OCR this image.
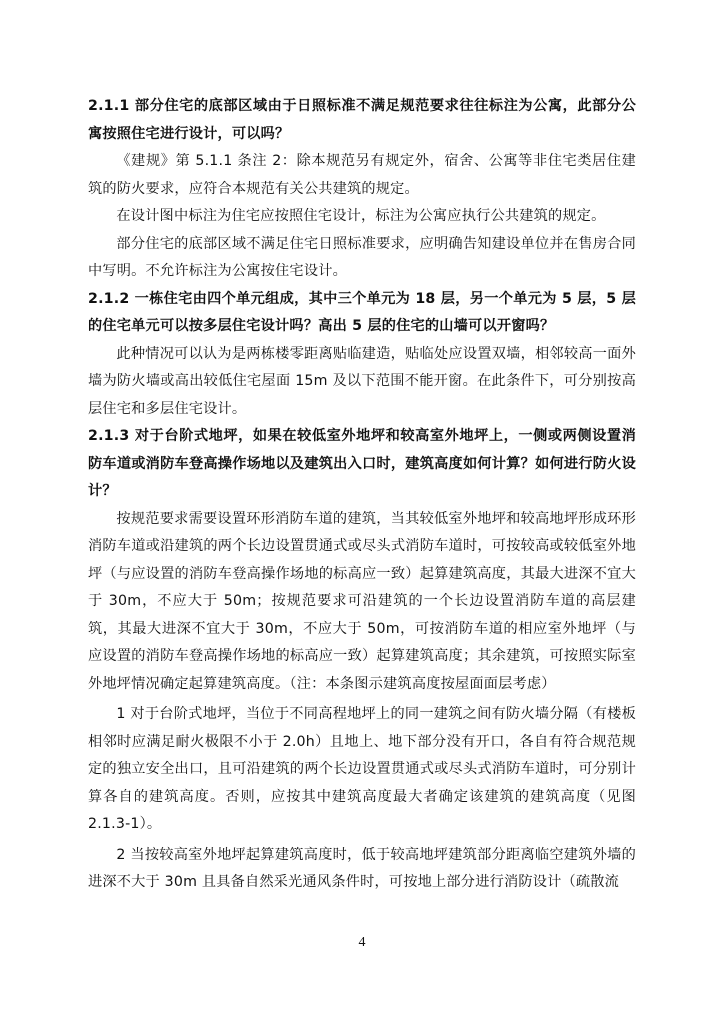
2.1.1 部分住宅的底部区域由于日照标准不满足规范要求往往标注为公寓，此部分公寓按照住宅进行设计，可以吗？

《建规》第 5.1.1 条注 2：除本规范另有规定外，宿舍、公寓等非住宅类居住建筑的防火要求，应符合本规范有关公共建筑的规定。

在设计图中标注为住宅应按照住宅设计，标注为公寓应执行公共建筑的规定。

部分住宅的底部区域不满足住宅日照标准要求，应明确告知建设单位并在售房合同中写明。不允许标注为公寓按住宅设计。

2.1.2 一栋住宅由四个单元组成，其中三个单元为 18 层，另一个单元为 5 层，5 层的住宅单元可以按多层住宅设计吗？高出 5 层的住宅的山墙可以开窗吗？

此种情况可以认为是两栋楼零距离贴临建造，贴临处应设置双墙，相邻较高一面外墙为防火墙或高出较低住宅屋面 15m 及以下范围不能开窗。在此条件下，可分别按高层住宅和多层住宅设计。

2.1.3 对于台阶式地坪，如果在较低室外地坪和较高室外地坪上，一侧或两侧设置消防车道或消防车登高操作场地以及建筑出入口时，建筑高度如何计算？如何进行防火设计？

按规范要求需要设置环形消防车道的建筑，当其较低室外地坪和较高地坪形成环形消防车道或沿建筑的两个长边设置贯通式或尽头式消防车道时，可按较高或较低室外地坪（与应设置的消防车登高操作场地的标高应一致）起算建筑高度，其最大进深不宜大于 30m，不应大于 50m；按规范要求可沿建筑的一个长边设置消防车道的高层建筑，其最大进深不宜大于 30m，不应大于 50m，可按消防车道的相应室外地坪（与应设置的消防车登高操作场地的标高应一致）起算建筑高度；其余建筑，可按照实际室外地坪情况确定起算建筑高度。（注：本条图示建筑高度按屋面面层考虑）

1 对于台阶式地坪，当位于不同高程地坪上的同一建筑之间有防火墙分隔（有楼板相邻时应满足耐火极限不小于 2.0h）且地上、地下部分没有开口，各自有符合规范规定的独立安全出口，且可沿建筑的两个长边设置贯通式或尽头式消防车道时，可分别计算各自的建筑高度。否则，应按其中建筑高度最大者确定该建筑的建筑高度（见图 2.1.3-1）。

2 当按较高室外地坪起算建筑高度时，低于较高地坪建筑部分距离临空建筑外墙的进深不大于 30m 且具备自然采光通风条件时，可按地上部分进行消防设计（疏散流

4
